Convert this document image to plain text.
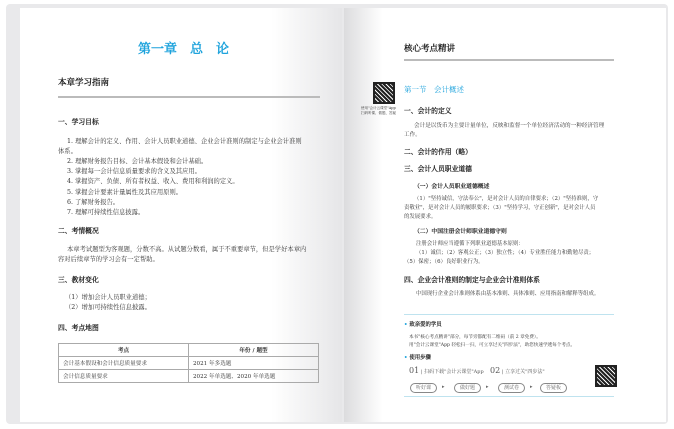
第一章　总　论
本章学习指南
一、学习目标
1. 理解会计的定义、作用、会计人员职业道德、企业会计准则的制定与企业会计准则
体系。
2. 理解财务报告目标、会计基本假设和会计基础。
3. 掌握每一会计信息质量要求的含义及其应用。
4. 掌握资产、负债、所有者权益、收入、费用和利润的定义。
5. 掌握会计要素计量属性及其应用原则。
6. 了解财务报告。
7. 理解可持续性信息披露。
二、考情概况
本章考试题型为客观题，分数不高。从试题分数看，属于不重要章节，但是学好本章内
容对后续章节的学习会有一定帮助。
三、教材变化
（1）增加会计人员职业道德；
（2）增加可持续性信息披露。
四、考点地图
考点	年份 / 题型
会计基本假设和会计信息质量要求	2021 年多选题
会计信息质量要求	2022 年单选题、2020 年单选题
核心考点精讲
使用"会计云课堂"App
扫码听课、做题、答疑
第一节　会计概述
一、会计的定义
会计是以货币为主要计量单位，反映和监督一个单位经济活动的一种经济管理
工作。
二、会计的作用（略）
三、会计人员职业道德
（一）会计人员职业道德概述
（1）"坚持诚信，守法奉公"，是对会计人员的自律要求；（2）"坚持准则，守
责敬业"，是对会计人员的履职要求；（3）"坚持学习，守正创新"，是对会计人员
的发展要求。
（二）中国注册会计师职业道德守则
注册会计师应当遵循下列职业道德基本原则：
（1）诚信；（2）客观公正；（3）独立性；（4）专业胜任能力和勤勉尽责；
（5）保密；（6）良好职业行为。
四、企业会计准则的制定与企业会计准则体系
中国现行企业会计准则体系由基本准则、具体准则、应用指南和解释等组成。
• 致亲爱的学员
本书"核心考点精讲"部分，每节旁都配有二维码（前 2 章免费）。
用"会计云课堂"App 轻松扫一扫，可立享过关"四步法"，助您快速学透每个考点。
• 使用步骤
01 | 扫码下载"会计云课堂"App 02 | 立享过关"四步法"
听好课	▸	做好题	▸	测试卷	▸	答疑板
